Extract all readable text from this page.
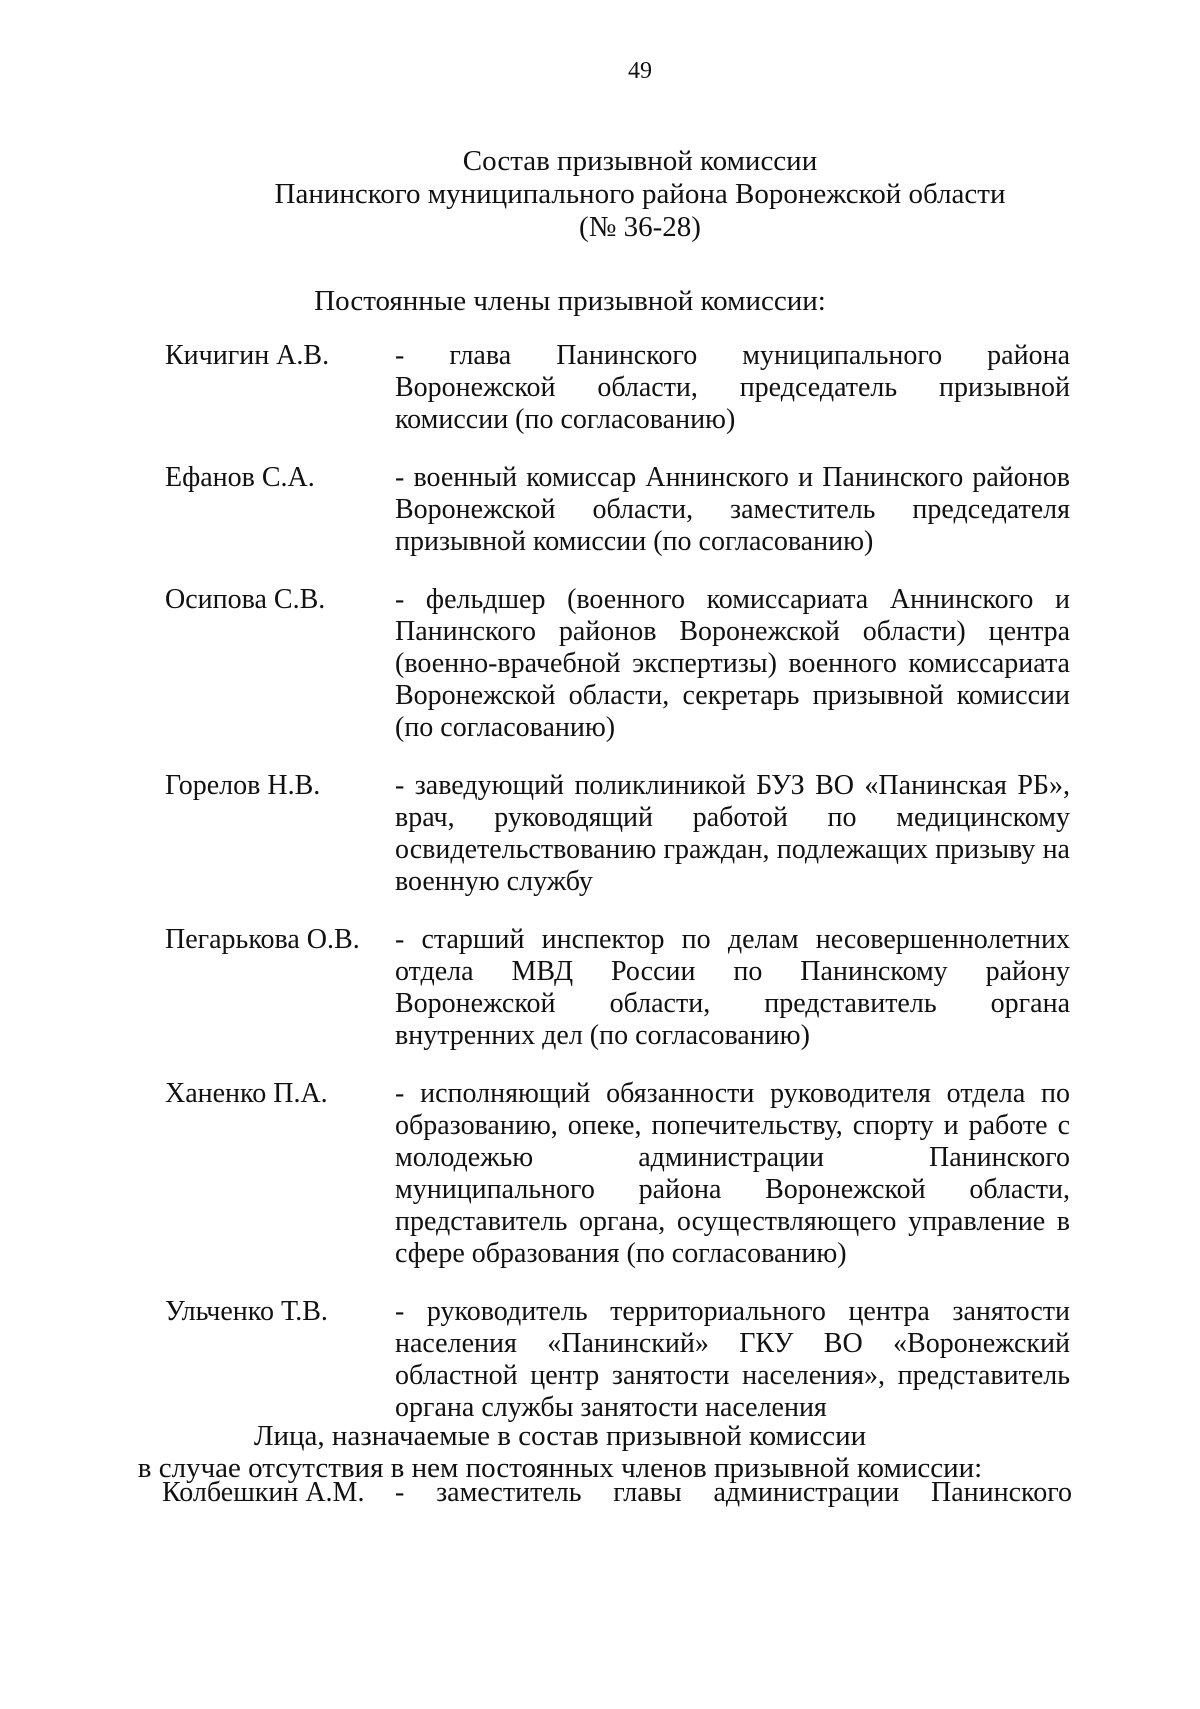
49
Состав призывной комиссии
Панинского муниципального района Воронежской области
(№ 36-28)
Постоянные члены призывной комиссии:
Кичигин А.В.	- глава Панинского муниципального района Воронежской области, председатель призывной комиссии (по согласованию)
Ефанов С.А.	- военный комиссар Аннинского и Панинского районов Воронежской области, заместитель председателя призывной комиссии (по согласованию)
Осипова С.В.	- фельдшер (военного комиссариата Аннинского и Панинского районов Воронежской области) центра (военно-врачебной экспертизы) военного комиссариата Воронежской области, секретарь призывной комиссии (по согласованию)
Горелов Н.В.	- заведующий поликлиникой БУЗ ВО «Панинская РБ», врач, руководящий работой по медицинскому освидетельствованию граждан, подлежащих призыву на военную службу
Пегарькова О.В.	- старший инспектор по делам несовершеннолетних отдела МВД России по Панинскому району Воронежской области, представитель органа внутренних дел (по согласованию)
Ханенко П.А.	- исполняющий обязанности руководителя отдела по образованию, опеке, попечительству, спорту и работе с молодежью администрации Панинского муниципального района Воронежской области, представитель органа, осуществляющего управление в сфере образования (по согласованию)
Ульченко Т.В.	- руководитель территориального центра занятости населения «Панинский» ГКУ ВО «Воронежский областной центр занятости населения», представитель органа службы занятости населения
Лица, назначаемые в состав призывной комиссии
в случае отсутствия в нем постоянных членов призывной комиссии:
Колбешкин А.М.	- заместитель главы администрации Панинского
